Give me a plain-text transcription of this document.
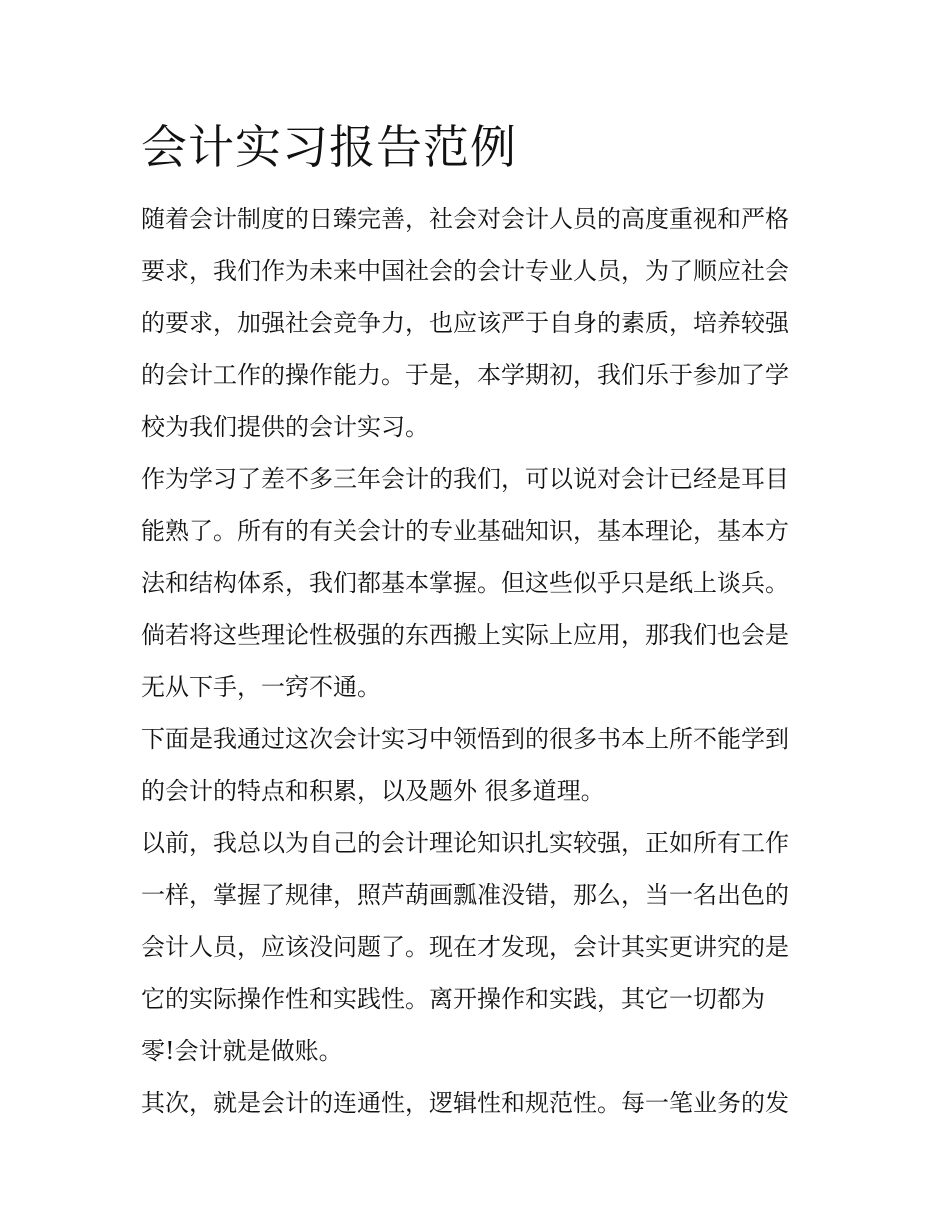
会计实习报告范例

随着会计制度的日臻完善，社会对会计人员的高度重视和严格
要求，我们作为未来中国社会的会计专业人员，为了顺应社会
的要求，加强社会竞争力，也应该严于自身的素质，培养较强
的会计工作的操作能力。于是，本学期初，我们乐于参加了学
校为我们提供的会计实习。

作为学习了差不多三年会计的我们，可以说对会计已经是耳目
能熟了。所有的有关会计的专业基础知识，基本理论，基本方
法和结构体系，我们都基本掌握。但这些似乎只是纸上谈兵。
倘若将这些理论性极强的东西搬上实际上应用，那我们也会是
无从下手，一窍不通。

下面是我通过这次会计实习中领悟到的很多书本上所不能学到
的会计的特点和积累，以及题外 很多道理。

以前，我总以为自己的会计理论知识扎实较强，正如所有工作
一样，掌握了规律，照芦葫画瓢准没错，那么，当一名出色的
会计人员，应该没问题了。现在才发现，会计其实更讲究的是
它的实际操作性和实践性。离开操作和实践，其它一切都为
零!会计就是做账。

其次，就是会计的连通性，逻辑性和规范性。每一笔业务的发
